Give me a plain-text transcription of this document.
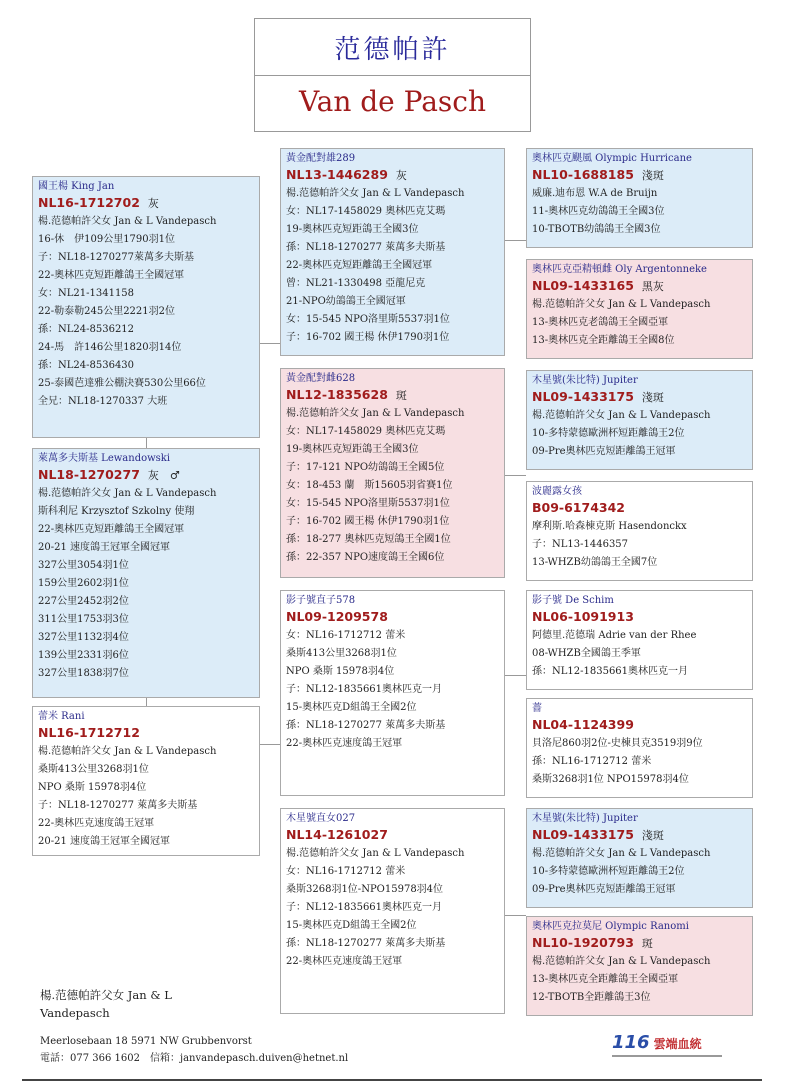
范德帕許
Van de Pasch
國王楊 King Jan
NL16-1712702 灰
楊.范德帕許父女 Jan & L Vandepasch
16-休　伊109公里1790羽1位
子：NL18-1270277萊萬多夫斯基
22-奧林匹克短距離鴿王全國冠軍
女：NL21-1341158
22-勒泰勒245公里2221羽2位
孫：NL24-8536212
24-馬　許146公里1820羽14位
孫：NL24-8536430
25-泰國芭達雅公棚決賽530公里66位
全兄：NL18-1270337 大班
萊萬多夫斯基 Lewandowski
NL18-1270277 灰　♂
楊.范德帕許父女 Jan & L Vandepasch
斯科利尼 Krzysztof Szkolny 使翔
22-奧林匹克短距離鴿王全國冠軍
20-21 速度鴿王冠軍全國冠軍
327公里3054羽1位
159公里2602羽1位
227公里2452羽2位
311公里1753羽3位
327公里1132羽4位
139公里2331羽6位
327公里1838羽7位
蕾米 Rani
NL16-1712712
楊.范德帕許父女 Jan & L Vandepasch
桑斯413公里3268羽1位
NPO 桑斯 15978羽4位
子：NL18-1270277 萊萬多夫斯基
22-奧林匹克速度鴿王冠軍
20-21 速度鴿王冠軍全國冠軍
黃金配對雄289
NL13-1446289 灰
楊.范德帕許父女 Jan & L Vandepasch
女：NL17-1458029 奧林匹克艾瑪
19-奧林匹克短距鴿王全國3位
孫：NL18-1270277 萊萬多夫斯基
22-奧林匹克短距離鴿王全國冠軍
曾：NL21-1330498 亞龍尼克
21-NPO幼鴿鴿王全國冠軍
女：15-545 NPO洛里斯5537羽1位
子：16-702 國王楊 休伊1790羽1位
黃金配對雌628
NL12-1835628 斑
楊.范德帕許父女 Jan & L Vandepasch
女：NL17-1458029 奧林匹克艾瑪
19-奧林匹克短距鴿王全國3位
子：17-121 NPO幼鴿鴿王全國5位
女：18-453 蘭　斯15605羽省賽1位
女：15-545 NPO洛里斯5537羽1位
子：16-702 國王楊 休伊1790羽1位
孫：18-277 奧林匹克短鴿王全國1位
孫：22-357 NPO速度鴿王全國6位
影子號直子578
NL09-1209578
女：NL16-1712712 蕾米
桑斯413公里3268羽1位
NPO 桑斯 15978羽4位
子：NL12-1835661奧林匹克一月
15-奧林匹克D組鴿王全國2位
孫：NL18-1270277 萊萬多夫斯基
22-奧林匹克速度鴿王冠軍
木星號直女027
NL14-1261027
楊.范德帕許父女 Jan & L Vandepasch
女：NL16-1712712 蕾米
桑斯3268羽1位-NPO15978羽4位
子：NL12-1835661奧林匹克一月
15-奧林匹克D組鴿王全國2位
孫：NL18-1270277 萊萬多夫斯基
22-奧林匹克速度鴿王冠軍
奧林匹克颶風 Olympic Hurricane
NL10-1688185 淺斑
威廉.迪布恩 W.A de Bruijn
11-奧林匹克幼鴿鴿王全國3位
10-TBOTB幼鴿鴿王全國3位
奧林匹克亞精頓雌 Oly Argentonneke
NL09-1433165 黑灰
楊.范德帕許父女 Jan & L Vandepasch
13-奧林匹克老鴿鴿王全國亞軍
13-奧林匹克全距離鴿王全國8位
木星號(朱比特) Jupiter
NL09-1433175 淺斑
楊.范德帕許父女 Jan & L Vandepasch
10-多特蒙德歐洲杯短距離鴿王2位
09-Pre奧林匹克短距離鴿王冠軍
波麗露女孩
B09-6174342
摩利斯.哈森棟克斯 Hasendonckx
子：NL13-1446357
13-WHZB幼鴿鴿王全國7位
影子號 De Schim
NL06-1091913
阿德里.范德瑞 Adrie van der Rhee
08-WHZB全國鴿王季軍
孫：NL12-1835661奧林匹克一月
薔
NL04-1124399
貝洛尼860羽2位-史棟貝克3519羽9位
孫：NL16-1712712 蕾米
桑斯3268羽1位 NPO15978羽4位
木星號(朱比特) Jupiter
NL09-1433175 淺斑
楊.范德帕許父女 Jan & L Vandepasch
10-多特蒙德歐洲杯短距離鴿王2位
09-Pre奧林匹克短距離鴿王冠軍
奧林匹克拉莫尼 Olympic Ranomi
NL10-1920793 斑
楊.范德帕許父女 Jan & L Vandepasch
13-奧林匹克全距離鴿王全國亞軍
12-TBOTB全距離鴿王3位
楊.范德帕許父女 Jan & L Vandepasch
Meerlosebaan 18 5971 NW Grubbenvorst
電話：077 366 1602　信箱：janvandepasch.duiven@hetnet.nl
116 雲端血統
